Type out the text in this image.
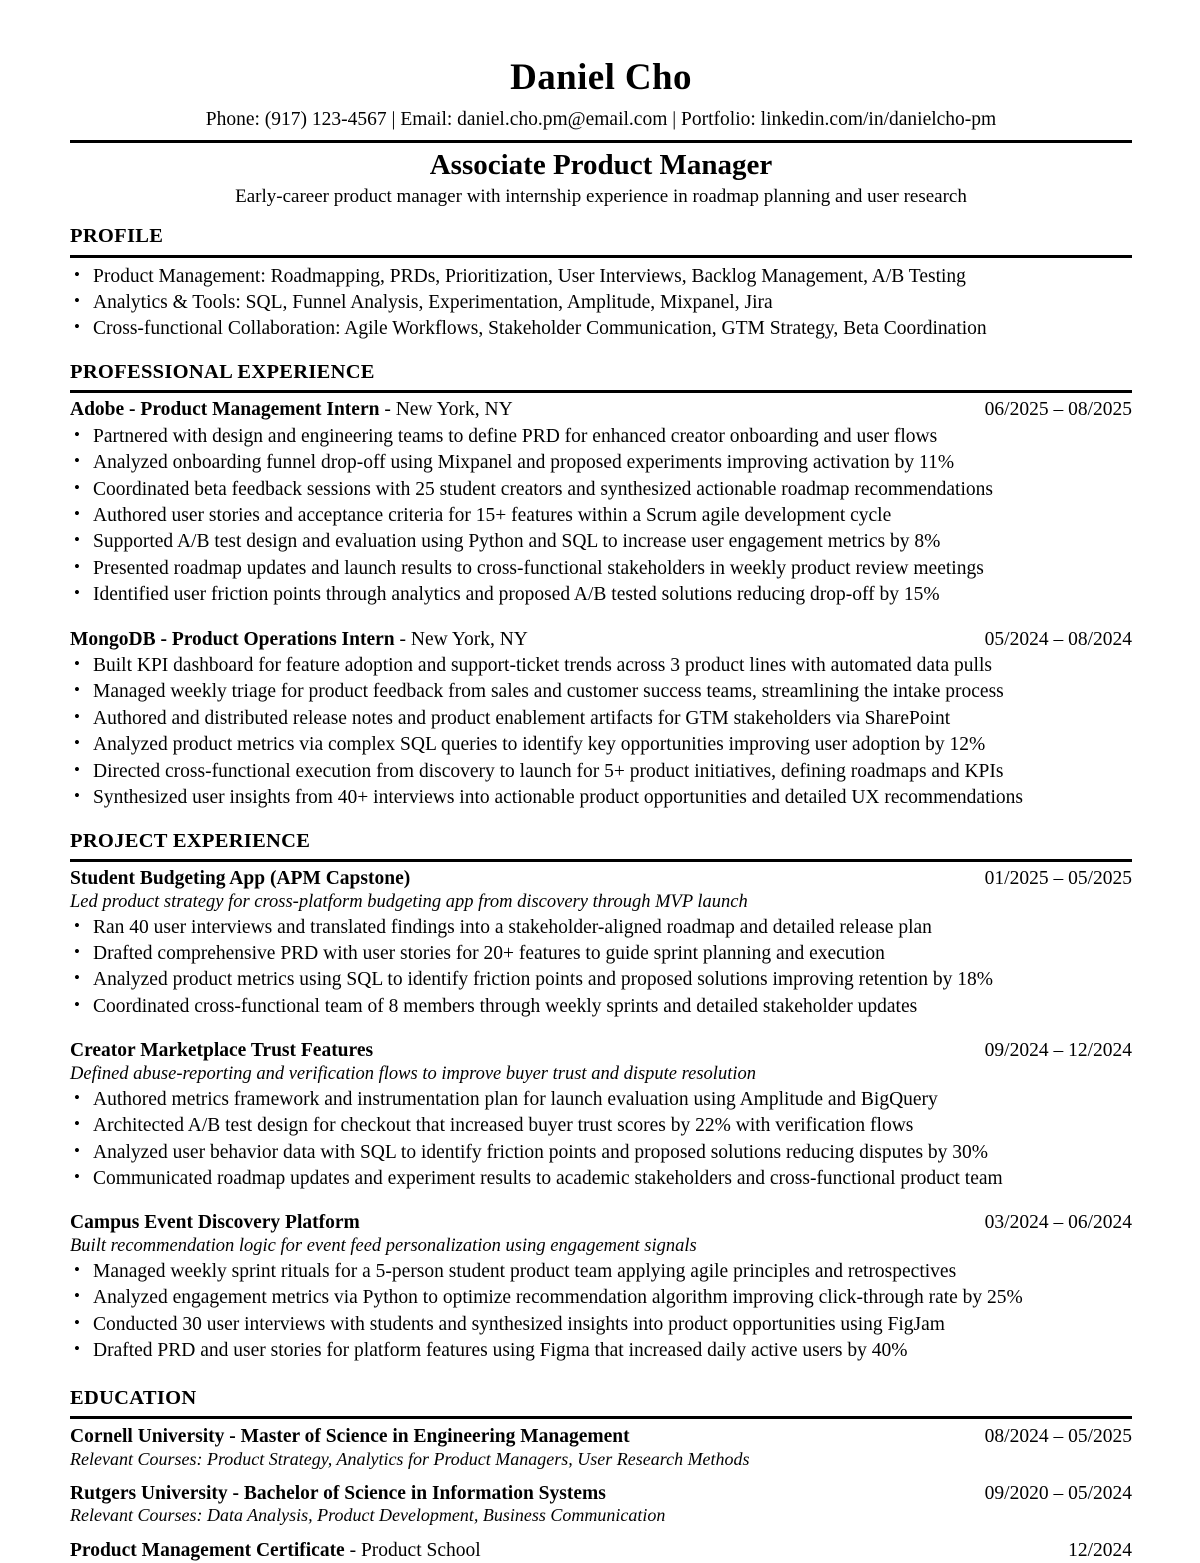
Daniel Cho
Phone: (917) 123-4567 | Email: daniel.cho.pm@email.com | Portfolio: linkedin.com/in/danielcho-pm
Associate Product Manager
Early-career product manager with internship experience in roadmap planning and user research
PROFILE
• Product Management: Roadmapping, PRDs, Prioritization, User Interviews, Backlog Management, A/B Testing
• Analytics & Tools: SQL, Funnel Analysis, Experimentation, Amplitude, Mixpanel, Jira
• Cross-functional Collaboration: Agile Workflows, Stakeholder Communication, GTM Strategy, Beta Coordination
PROFESSIONAL EXPERIENCE
Adobe - Product Management Intern - New York, NY	06/2025 – 08/2025
• Partnered with design and engineering teams to define PRD for enhanced creator onboarding and user flows
• Analyzed onboarding funnel drop-off using Mixpanel and proposed experiments improving activation by 11%
• Coordinated beta feedback sessions with 25 student creators and synthesized actionable roadmap recommendations
• Authored user stories and acceptance criteria for 15+ features within a Scrum agile development cycle
• Supported A/B test design and evaluation using Python and SQL to increase user engagement metrics by 8%
• Presented roadmap updates and launch results to cross-functional stakeholders in weekly product review meetings
• Identified user friction points through analytics and proposed A/B tested solutions reducing drop-off by 15%
MongoDB - Product Operations Intern - New York, NY	05/2024 – 08/2024
• Built KPI dashboard for feature adoption and support-ticket trends across 3 product lines with automated data pulls
• Managed weekly triage for product feedback from sales and customer success teams, streamlining the intake process
• Authored and distributed release notes and product enablement artifacts for GTM stakeholders via SharePoint
• Analyzed product metrics via complex SQL queries to identify key opportunities improving user adoption by 12%
• Directed cross-functional execution from discovery to launch for 5+ product initiatives, defining roadmaps and KPIs
• Synthesized user insights from 40+ interviews into actionable product opportunities and detailed UX recommendations
PROJECT EXPERIENCE
Student Budgeting App (APM Capstone)	01/2025 – 05/2025
Led product strategy for cross-platform budgeting app from discovery through MVP launch
• Ran 40 user interviews and translated findings into a stakeholder-aligned roadmap and detailed release plan
• Drafted comprehensive PRD with user stories for 20+ features to guide sprint planning and execution
• Analyzed product metrics using SQL to identify friction points and proposed solutions improving retention by 18%
• Coordinated cross-functional team of 8 members through weekly sprints and detailed stakeholder updates
Creator Marketplace Trust Features	09/2024 – 12/2024
Defined abuse-reporting and verification flows to improve buyer trust and dispute resolution
• Authored metrics framework and instrumentation plan for launch evaluation using Amplitude and BigQuery
• Architected A/B test design for checkout that increased buyer trust scores by 22% with verification flows
• Analyzed user behavior data with SQL to identify friction points and proposed solutions reducing disputes by 30%
• Communicated roadmap updates and experiment results to academic stakeholders and cross-functional product team
Campus Event Discovery Platform	03/2024 – 06/2024
Built recommendation logic for event feed personalization using engagement signals
• Managed weekly sprint rituals for a 5-person student product team applying agile principles and retrospectives
• Analyzed engagement metrics via Python to optimize recommendation algorithm improving click-through rate by 25%
• Conducted 30 user interviews with students and synthesized insights into product opportunities using FigJam
• Drafted PRD and user stories for platform features using Figma that increased daily active users by 40%
EDUCATION
Cornell University - Master of Science in Engineering Management	08/2024 – 05/2025
Relevant Courses: Product Strategy, Analytics for Product Managers, User Research Methods
Rutgers University - Bachelor of Science in Information Systems	09/2020 – 05/2024
Relevant Courses: Data Analysis, Product Development, Business Communication
Product Management Certificate - Product School	12/2024
